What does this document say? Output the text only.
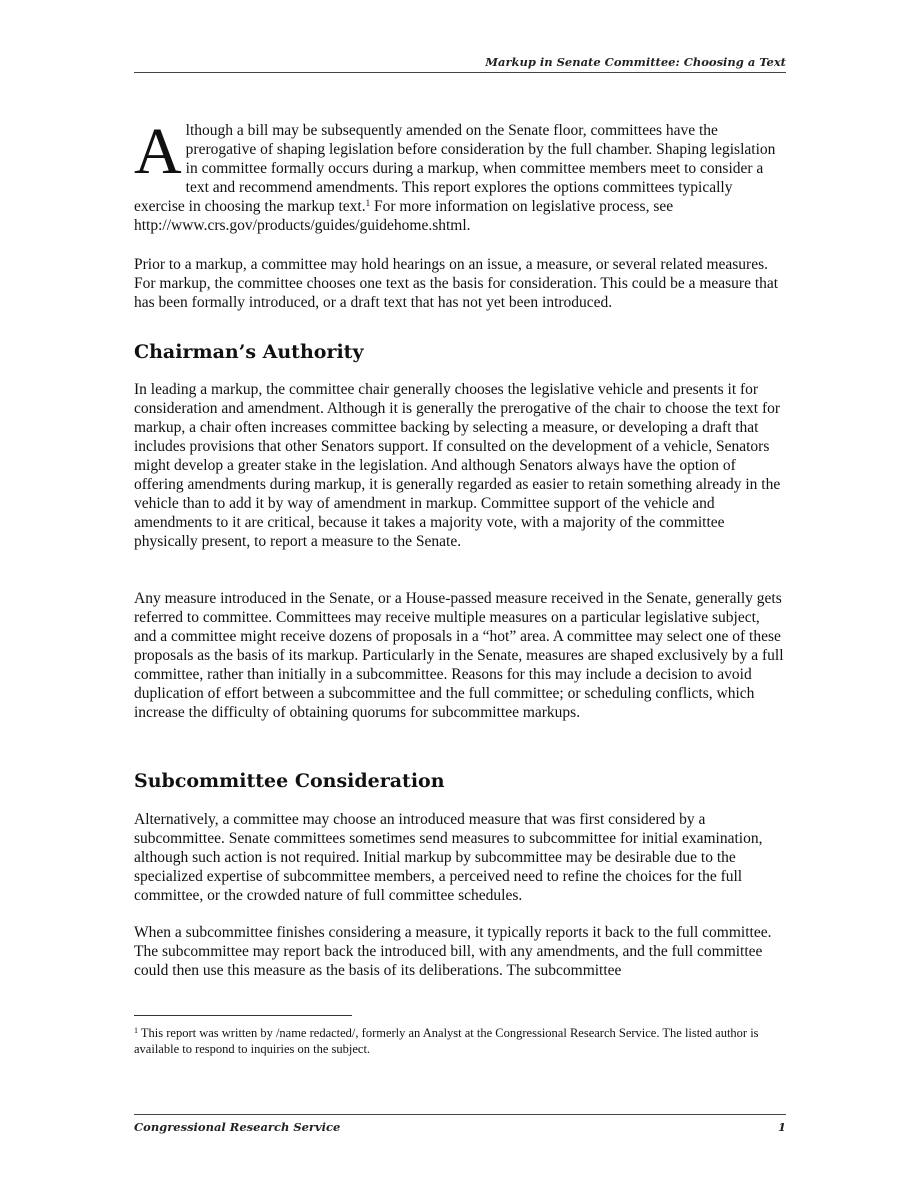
Markup in Senate Committee: Choosing a Text

Although a bill may be subsequently amended on the Senate floor, committees have the prerogative of shaping legislation before consideration by the full chamber. Shaping legislation in committee formally occurs during a markup, when committee members meet to consider a text and recommend amendments. This report explores the options committees typically exercise in choosing the markup text.$^1$ For more information on legislative process, see http://www.crs.gov/products/guides/guidehome.shtml.

Prior to a markup, a committee may hold hearings on an issue, a measure, or several related measures. For markup, the committee chooses one text as the basis for consideration. This could be a measure that has been formally introduced, or a draft text that has not yet been introduced.

Chairman’s Authority

In leading a markup, the committee chair generally chooses the legislative vehicle and presents it for consideration and amendment. Although it is generally the prerogative of the chair to choose the text for markup, a chair often increases committee backing by selecting a measure, or developing a draft that includes provisions that other Senators support. If consulted on the development of a vehicle, Senators might develop a greater stake in the legislation. And although Senators always have the option of offering amendments during markup, it is generally regarded as easier to retain something already in the vehicle than to add it by way of amendment in markup. Committee support of the vehicle and amendments to it are critical, because it takes a majority vote, with a majority of the committee physically present, to report a measure to the Senate.

Any measure introduced in the Senate, or a House-passed measure received in the Senate, generally gets referred to committee. Committees may receive multiple measures on a particular legislative subject, and a committee might receive dozens of proposals in a “hot” area. A committee may select one of these proposals as the basis of its markup. Particularly in the Senate, measures are shaped exclusively by a full committee, rather than initially in a subcommittee. Reasons for this may include a decision to avoid duplication of effort between a subcommittee and the full committee; or scheduling conflicts, which increase the difficulty of obtaining quorums for subcommittee markups.

Subcommittee Consideration

Alternatively, a committee may choose an introduced measure that was first considered by a subcommittee. Senate committees sometimes send measures to subcommittee for initial examination, although such action is not required. Initial markup by subcommittee may be desirable due to the specialized expertise of subcommittee members, a perceived need to refine the choices for the full committee, or the crowded nature of full committee schedules.

When a subcommittee finishes considering a measure, it typically reports it back to the full committee. The subcommittee may report back the introduced bill, with any amendments, and the full committee could then use this measure as the basis of its deliberations. The subcommittee

$^1$ This report was written by /name redacted/, formerly an Analyst at the Congressional Research Service. The listed author is available to respond to inquiries on the subject.
Congressional Research Service	1
